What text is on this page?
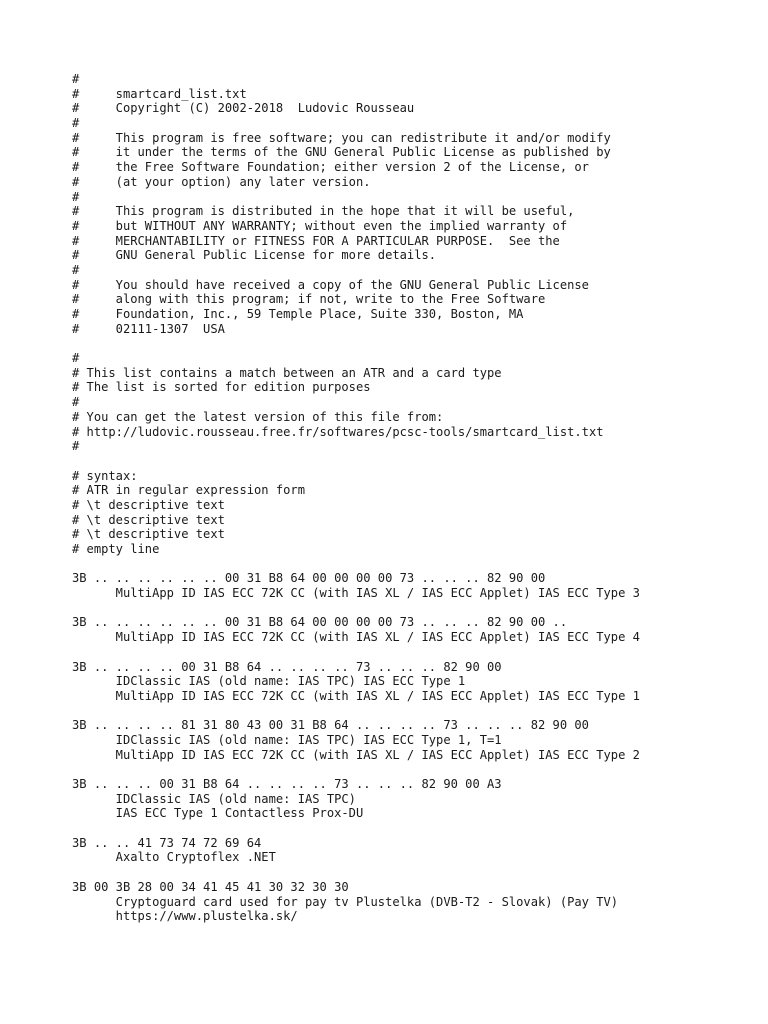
#
#     smartcard_list.txt
#     Copyright (C) 2002-2018  Ludovic Rousseau
#
#     This program is free software; you can redistribute it and/or modify
#     it under the terms of the GNU General Public License as published by
#     the Free Software Foundation; either version 2 of the License, or
#     (at your option) any later version.
#
#     This program is distributed in the hope that it will be useful,
#     but WITHOUT ANY WARRANTY; without even the implied warranty of
#     MERCHANTABILITY or FITNESS FOR A PARTICULAR PURPOSE.  See the
#     GNU General Public License for more details.
#
#     You should have received a copy of the GNU General Public License
#     along with this program; if not, write to the Free Software
#     Foundation, Inc., 59 Temple Place, Suite 330, Boston, MA
#     02111-1307  USA
#
# This list contains a match between an ATR and a card type
# The list is sorted for edition purposes
#
# You can get the latest version of this file from:
# http://ludovic.rousseau.free.fr/softwares/pcsc-tools/smartcard_list.txt
#
# syntax:
# ATR in regular expression form
# \t descriptive text
# \t descriptive text
# \t descriptive text
# empty line
3B .. .. .. .. .. .. 00 31 B8 64 00 00 00 00 73 .. .. .. 82 90 00
MultiApp ID IAS ECC 72K CC (with IAS XL / IAS ECC Applet) IAS ECC Type 3
3B .. .. .. .. .. .. 00 31 B8 64 00 00 00 00 73 .. .. .. 82 90 00 ..
MultiApp ID IAS ECC 72K CC (with IAS XL / IAS ECC Applet) IAS ECC Type 4
3B .. .. .. .. 00 31 B8 64 .. .. .. .. 73 .. .. .. 82 90 00
IDClassic IAS (old name: IAS TPC) IAS ECC Type 1
MultiApp ID IAS ECC 72K CC (with IAS XL / IAS ECC Applet) IAS ECC Type 1
3B .. .. .. .. 81 31 80 43 00 31 B8 64 .. .. .. .. 73 .. .. .. 82 90 00
IDClassic IAS (old name: IAS TPC) IAS ECC Type 1, T=1
MultiApp ID IAS ECC 72K CC (with IAS XL / IAS ECC Applet) IAS ECC Type 2
3B .. .. .. 00 31 B8 64 .. .. .. .. 73 .. .. .. 82 90 00 A3
IDClassic IAS (old name: IAS TPC)
IAS ECC Type 1 Contactless Prox-DU
3B .. .. 41 73 74 72 69 64
Axalto Cryptoflex .NET
3B 00 3B 28 00 34 41 45 41 30 32 30 30
Cryptoguard card used for pay tv Plustelka (DVB-T2 - Slovak) (Pay TV)
https://www.plustelka.sk/
